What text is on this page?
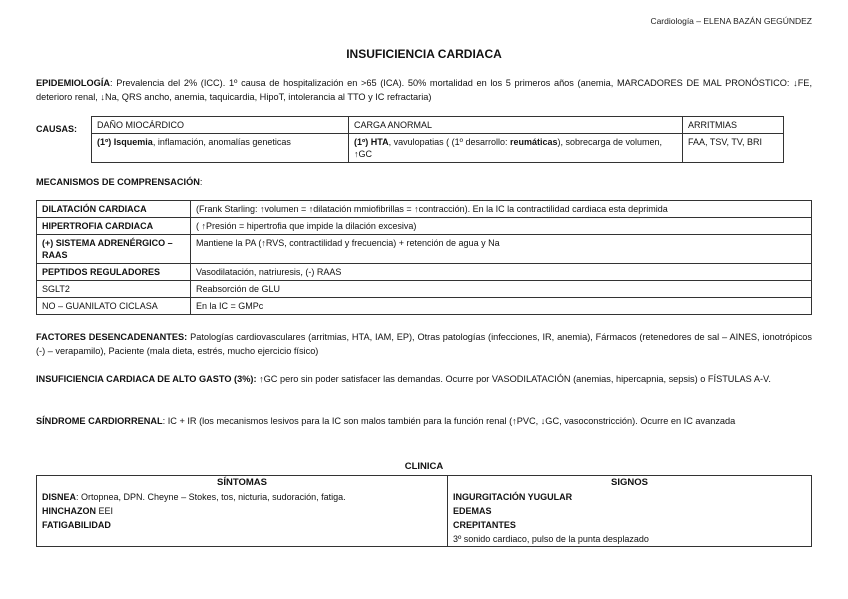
Cardiología – ELENA BAZÁN GEGÚNDEZ
INSUFICIENCIA CARDIACA
EPIDEMIOLOGÍA: Prevalencia del 2% (ICC). 1º causa de hospitalización en >65 (ICA). 50% mortalidad en los 5 primeros años (anemia, MARCADORES DE MAL PRONÓSTICO: ↓FE, deterioro renal, ↓Na, QRS ancho, anemia, taquicardia, HipoT, intolerancia al TTO y IC refractaria)
CAUSAS: DAÑO MIOCÁRDICO	CARGA ANORMAL	ARRITMIAS
(1º) Isquemia, inflamación, anomalías geneticas	(1º) HTA, vavulopatias ( (1º desarrollo: reumáticas), sobrecarga de volumen, ↑GC	FAA, TSV, TV, BRI
MECANISMOS DE COMPRENSACIÓN:
DILATACIÓN CARDIACA	(Frank Starling: ↑volumen = ↑dilatación mmiofibrillas = ↑contracción). En la IC la contractilidad cardiaca esta deprimida
HIPERTROFIA CARDIACA	( ↑Presión = hipertrofia que impide la dilación excesiva)
(+) SISTEMA ADRENÉRGICO – RAAS	Mantiene la PA (↑RVS, contractilidad y frecuencia) + retención de agua y Na
PEPTIDOS REGULADORES	Vasodilatación, natriuresis, (-) RAAS
SGLT2	Reabsorción de GLU
NO – GUANILATO CICLASA	En la IC = GMPc
FACTORES DESENCADENANTES: Patologías cardiovasculares (arritmias, HTA, IAM, EP), Otras patologías (infecciones, IR, anemia), Fármacos (retenedores de sal – AINES, ionotrópicos (-) – verapamilo), Paciente (mala dieta, estrés, mucho ejercicio físico)
INSUFICIENCIA CARDIACA DE ALTO GASTO (3%): ↑GC pero sin poder satisfacer las demandas. Ocurre por VASODILATACIÓN (anemias, hipercapnia, sepsis) o FÍSTULAS A-V.
SÍNDROME CARDIORRENAL: IC + IR (los mecanismos lesivos para la IC son malos también para la función renal (↑PVC, ↓GC, vasoconstricción). Ocurre en IC avanzada
CLINICA
SÍNTOMAS	SIGNOS
DISNEA: Ortopnea, DPN. Cheyne – Stokes, tos, nicturia, sudoración, fatiga.	INGURGITACIÓN YUGULAR
HINCHAZON EEI	EDEMAS
FATIGABILIDAD	CREPITANTES
	3º sonido cardiaco, pulso de la punta desplazado
